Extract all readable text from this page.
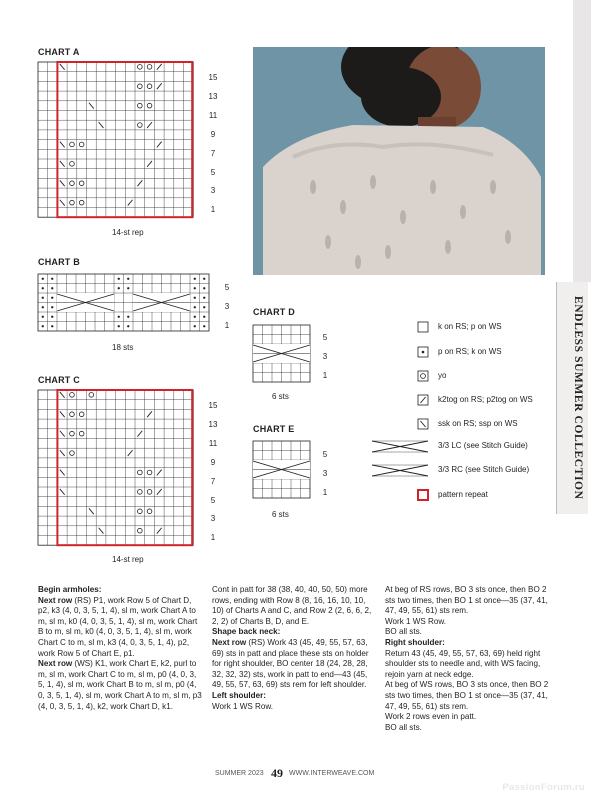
ENDLESS SUMMER COLLECTION
CHART A
15
13
11
9
7
5
3
1
14-st rep
CHART B
5
3
1
18 sts
CHART C
15
13
11
9
7
5
3
1
14-st rep
CHART D
5
3
1
6 sts
CHART E
5
3
1
6 sts
k on RS; p on WS
p on RS; k on WS
yo
k2tog on RS; p2tog on WS
ssk on RS; ssp on WS
3/3 LC (see Stitch Guide)
3/3 RC (see Stitch Guide)
pattern repeat

Begin armholes:

Next row (RS) P1, work Row 5 of Chart D, p2, k3 (4, 0, 3, 5, 1, 4), sl m, work Chart A to m, sl m, k0 (4, 0, 3, 5, 1, 4), sl m, work Chart B to m, sl m, k0 (4, 0, 3, 5, 1, 4), sl m, work Chart C to m, sl m, k3 (4, 0, 3, 5, 1, 4), p2, work Row 5 of Chart E, p1.

Next row (WS) K1, work Chart E, k2, purl to m, sl m, work Chart C to m, sl m, p0 (4, 0, 3, 5, 1, 4), sl m, work Chart B to m, sl m, p0 (4, 0, 3, 5, 1, 4), sl m, work Chart A to m, sl m, p3 (4, 0, 3, 5, 1, 4), k2, work Chart D, k1.

Cont in patt for 38 (38, 40, 40, 50, 50) more rows, ending with Row 8 (8, 16, 16, 10, 10, 10) of Charts A and C, and Row 2 (2, 6, 6, 2, 2, 2) of Charts B, D, and E.

Shape back neck:

Next row (RS) Work 43 (45, 49, 55, 57, 63, 69) sts in patt and place these sts on holder for right shoulder, BO center 18 (24, 28, 28, 32, 32, 32) sts, work in patt to end—43 (45, 49, 55, 57, 63, 69) sts rem for left shoulder.

Left shoulder:

Work 1 WS Row.

At beg of RS rows, BO 3 sts once, then BO 2 sts two times, then BO 1 st once—35 (37, 41, 47, 49, 55, 61) sts rem.

Work 1 WS Row.

BO all sts.

Right shoulder:

Return 43 (45, 49, 55, 57, 63, 69) held right shoulder sts to needle and, with WS facing, rejoin yarn at neck edge.

At beg of WS rows, BO 3 sts once, then BO 2 sts two times, then BO 1 st once—35 (37, 41, 47, 49, 55, 61) sts rem.

Work 2 rows even in patt.

BO all sts.

SUMMER 2023 49 WWW.INTERWEAVE.COM
PassionForum.ru
